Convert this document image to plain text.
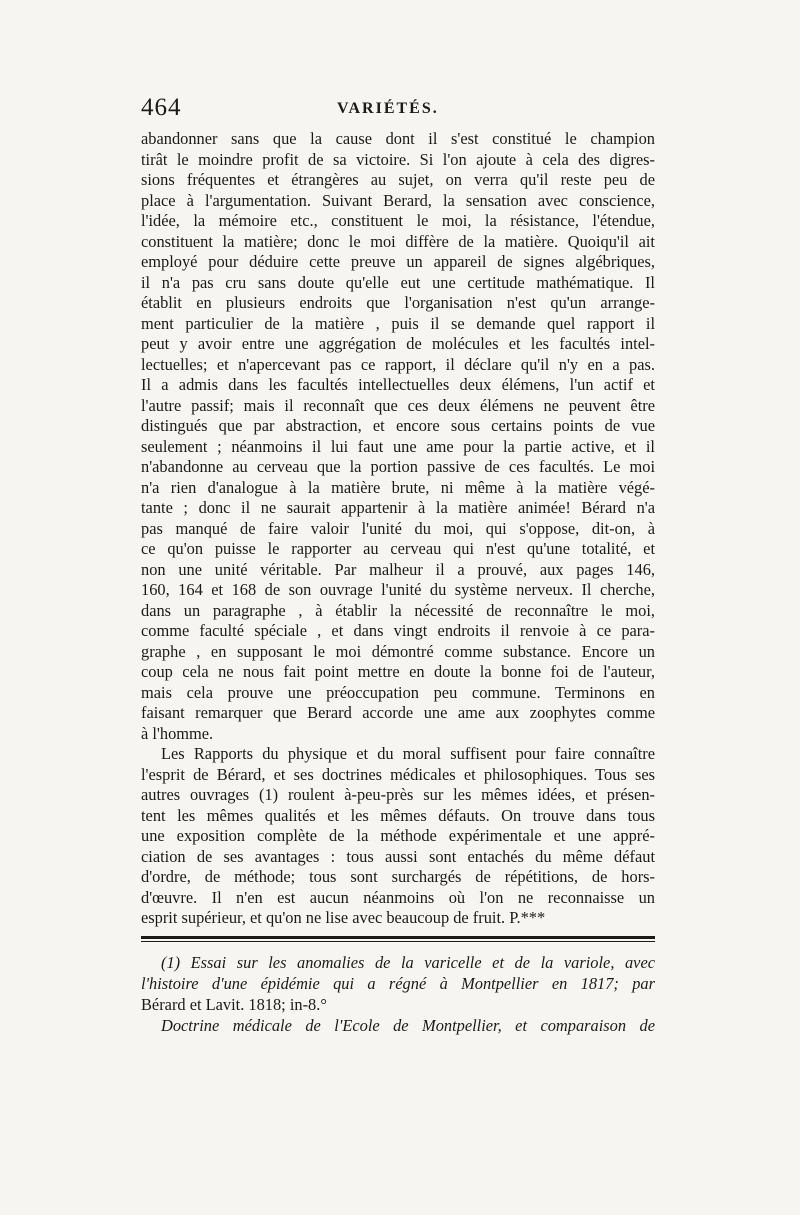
464	VARIÉTÉS.
abandonner sans que la cause dont il s'est constitué le champion
tirât le moindre profit de sa victoire. Si l'on ajoute à cela des digres-
sions fréquentes et étrangères au sujet, on verra qu'il reste peu de
place à l'argumentation. Suivant Berard, la sensation avec conscience,
l'idée, la mémoire etc., constituent le moi, la résistance, l'étendue,
constituent la matière; donc le moi diffère de la matière. Quoiqu'il ait
employé pour déduire cette preuve un appareil de signes algébriques,
il n'a pas cru sans doute qu'elle eut une certitude mathématique. Il
établit en plusieurs endroits que l'organisation n'est qu'un arrange-
ment particulier de la matière , puis il se demande quel rapport il
peut y avoir entre une aggrégation de molécules et les facultés intel-
lectuelles; et n'apercevant pas ce rapport, il déclare qu'il n'y en a pas.
Il a admis dans les facultés intellectuelles deux élémens, l'un actif et
l'autre passif; mais il reconnaît que ces deux élémens ne peuvent être
distingués que par abstraction, et encore sous certains points de vue
seulement ; néanmoins il lui faut une ame pour la partie active, et il
n'abandonne au cerveau que la portion passive de ces facultés. Le moi
n'a rien d'analogue à la matière brute, ni même à la matière végé-
tante ; donc il ne saurait appartenir à la matière animée! Bérard n'a
pas manqué de faire valoir l'unité du moi, qui s'oppose, dit-on, à
ce qu'on puisse le rapporter au cerveau qui n'est qu'une totalité, et
non une unité véritable. Par malheur il a prouvé, aux pages 146,
160, 164 et 168 de son ouvrage l'unité du système nerveux. Il cherche,
dans un paragraphe , à établir la nécessité de reconnaître le moi,
comme faculté spéciale , et dans vingt endroits il renvoie à ce para-
graphe , en supposant le moi démontré comme substance. Encore un
coup cela ne nous fait point mettre en doute la bonne foi de l'auteur,
mais cela prouve une préoccupation peu commune. Terminons en
faisant remarquer que Berard accorde une ame aux zoophytes comme
à l'homme.
Les Rapports du physique et du moral suffisent pour faire connaître
l'esprit de Bérard, et ses doctrines médicales et philosophiques. Tous ses
autres ouvrages (1) roulent à-peu-près sur les mêmes idées, et présen-
tent les mêmes qualités et les mêmes défauts. On trouve dans tous
une exposition complète de la méthode expérimentale et une appré-
ciation de ses avantages : tous aussi sont entachés du même défaut
d'ordre, de méthode; tous sont surchargés de répétitions, de hors-
d'œuvre. Il n'en est aucun néanmoins où l'on ne reconnaisse un
esprit supérieur, et qu'on ne lise avec beaucoup de fruit. P.***
(1) Essai sur les anomalies de la varicelle et de la variole, avec
l'histoire d'une épidémie qui a régné à Montpellier en 1817; par
Bérard et Lavit. 1818; in-8.°
Doctrine médicale de l'Ecole de Montpellier, et comparaison de
